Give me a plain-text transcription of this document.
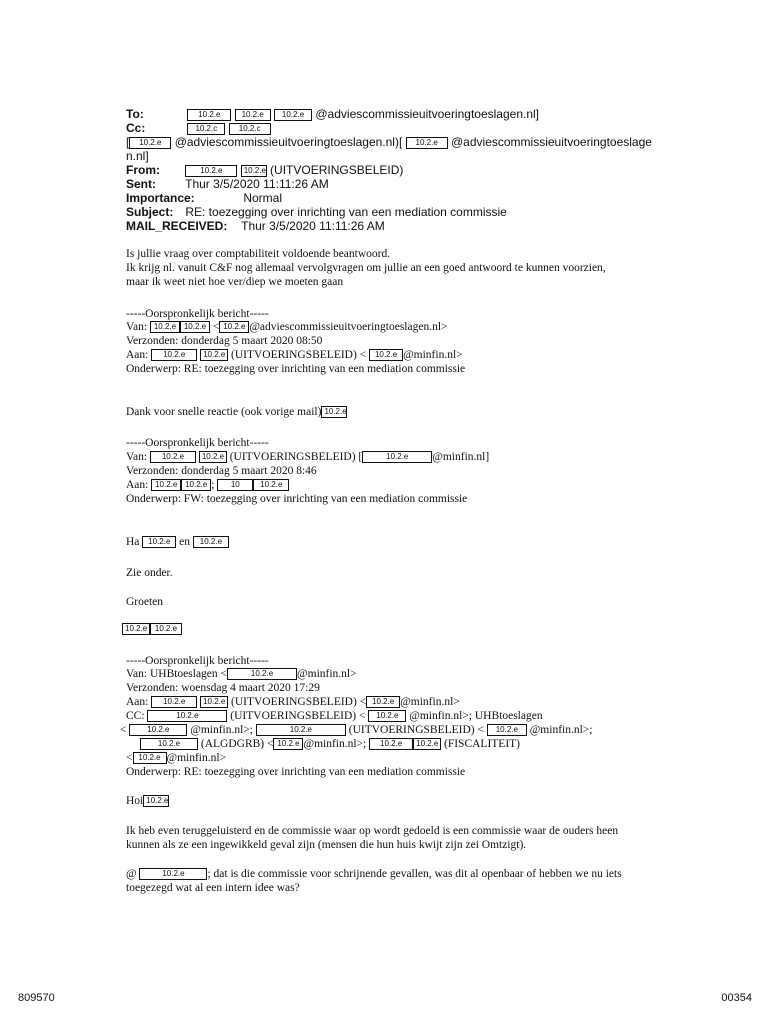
To:	10.2.e	10.2.e 10.2.e @adviescommissieuitvoeringtoeslagen.nl]
Cc:	10.2.c	10.2.c
[ 10.2.e @adviescommissieuitvoeringtoeslagen.nl)[ 10.2.e @adviescommissieuitvoeringtoeslage
n.nl]
From:	10.2.e	10.2.e (UITVOERINGSBELEID)
Sent: Thur 3/5/2020 11:11:26 AM
Importance:	Normal
Subject: RE: toezegging over inrichting van een mediation commissie
MAIL_RECEIVED: Thur 3/5/2020 11:11:26 AM
Is jullie vraag over comptabiliteit voldoende beantwoord.
Ik krijg nl. vanuit C&F nog allemaal vervolgvragen om jullie an een goed antwoord te kunnen voorzien,
maar ik weet niet hoe ver/diep we moeten gaan
-----Oorspronkelijk bericht-----
Van: 10.2.e 10.2.e < 10.2.e @adviescommissieuitvoeringtoeslagen.nl>
Verzonden: donderdag 5 maart 2020 08:50
Aan: 10.2.e 10.2.e (UITVOERINGSBELEID) < 10.2.e @minfin.nl>
Onderwerp: RE: toezegging over inrichting van een mediation commissie
Dank voor snelle reactie (ook vorige mail) 10.2.e
-----Oorspronkelijk bericht-----
Van: 10.2.e 10.2.e (UITVOERINGSBELEID) [	10.2.e @minfin.nl]
Verzonden: donderdag 5 maart 2020 8:46
Aan: 10.2.e 10.2.e ; 10	10.2.e
Onderwerp: FW: toezegging over inrichting van een mediation commissie
Ha 10.2.e en 10.2.e
Zie onder.
Groeten
10.2.e 10.2.e
-----Oorspronkelijk bericht-----
Van: UHBtoeslagen <	10.2.e @minfin.nl>
Verzonden: woensdag 4 maart 2020 17:29
Aan: 10.2.e 10.2.e (UITVOERINGSBELEID) < 10.2.e @minfin.nl>
CC:	10.2.e	(UITVOERINGSBELEID) < 10.2.e @minfin.nl>; UHBtoeslagen
<	10.2.e @minfin.nl>;	10.2.e	(UITVOERINGSBELEID) < 10.2.e @minfin.nl>;
10.2.e (ALGDGRB) < 10.2.e @minfin.nl>; 10.2.e 10.2.e (FISCALITEIT)
< 10.2.e @minfin.nl>
Onderwerp: RE: toezegging over inrichting van een mediation commissie
Hoi 10.2.e
Ik heb even teruggeluisterd en de commissie waar op wordt gedoeld is een commissie waar de ouders heen
kunnen als ze een ingewikkeld geval zijn (mensen die hun huis kwijt zijn zei Omtzigt).
@	10.2.e ; dat is die commissie voor schrijnende gevallen, was dit al openbaar of hebben we nu iets
toegezegd wat al een intern idee was?
809570	00354
